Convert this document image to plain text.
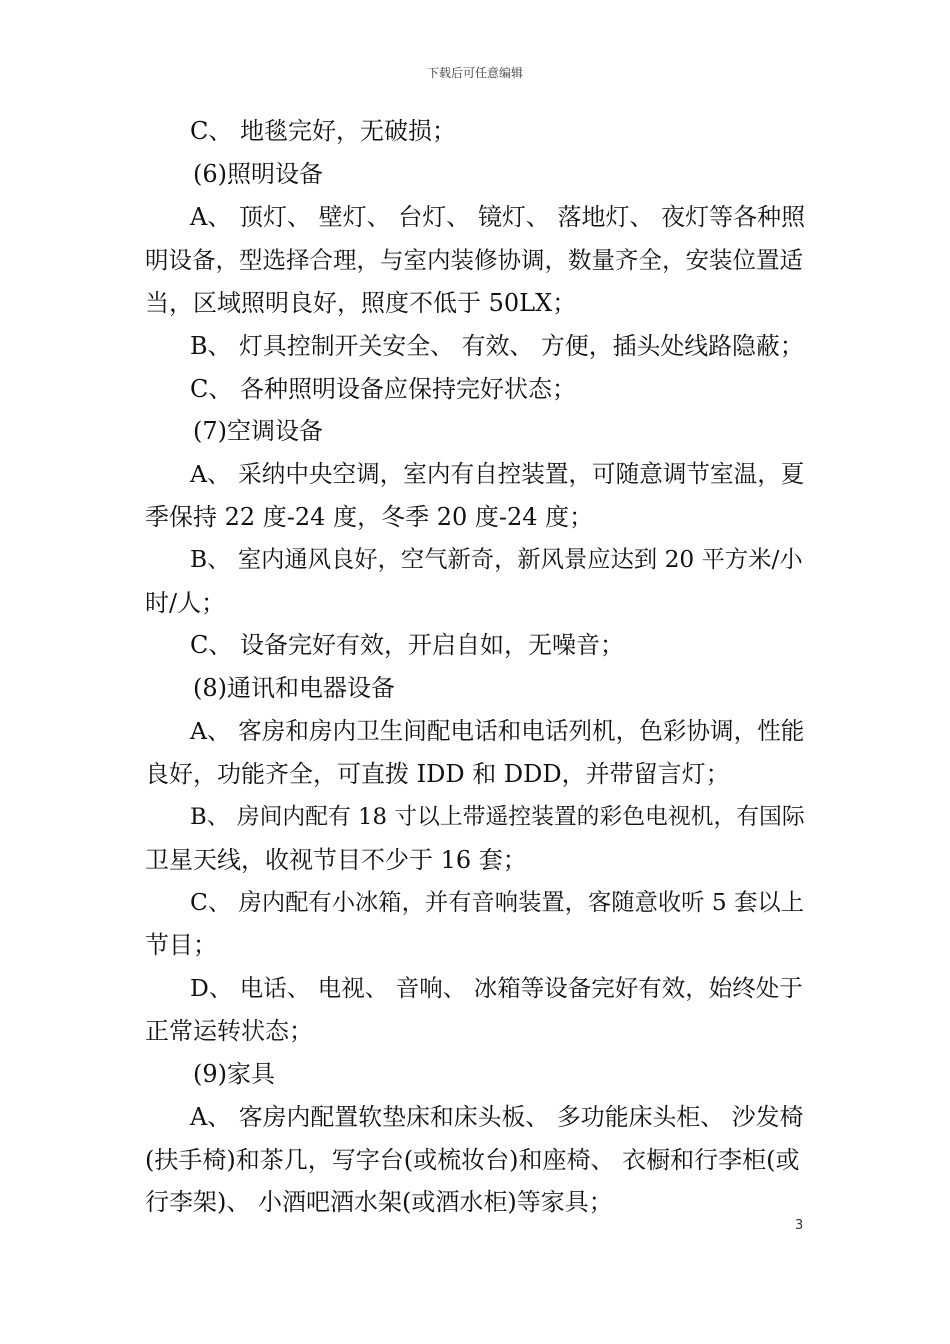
下载后可任意编辑
C、 地毯完好，无破损；
(6)照明设备
A、 顶灯、 壁灯、 台灯、 镜灯、 落地灯、 夜灯等各种照
明设备，型选择合理，与室内装修协调，数量齐全，安装位置适
当，区域照明良好，照度不低于 50LX；
B、 灯具控制开关安全、 有效、 方便，插头处线路隐蔽；
C、 各种照明设备应保持完好状态；
(7)空调设备
A、 采纳中央空调，室内有自控装置，可随意调节室温，夏
季保持 22 度-24 度，冬季 20 度-24 度；
B、 室内通风良好，空气新奇，新风景应达到 20 平方米/小
时/人；
C、 设备完好有效，开启自如，无噪音；
(8)通讯和电器设备
A、 客房和房内卫生间配电话和电话列机，色彩协调，性能
良好，功能齐全，可直拨 IDD 和 DDD，并带留言灯；
B、 房间内配有 18 寸以上带遥控装置的彩色电视机，有国际
卫星天线，收视节目不少于 16 套；
C、 房内配有小冰箱，并有音响装置，客随意收听 5 套以上
节目；
D、 电话、 电视、 音响、 冰箱等设备完好有效，始终处于
正常运转状态；
(9)家具
A、 客房内配置软垫床和床头板、 多功能床头柜、 沙发椅
(扶手椅)和茶几，写字台(或梳妆台)和座椅、 衣橱和行李柜(或
行李架)、 小酒吧酒水架(或酒水柜)等家具；
3
